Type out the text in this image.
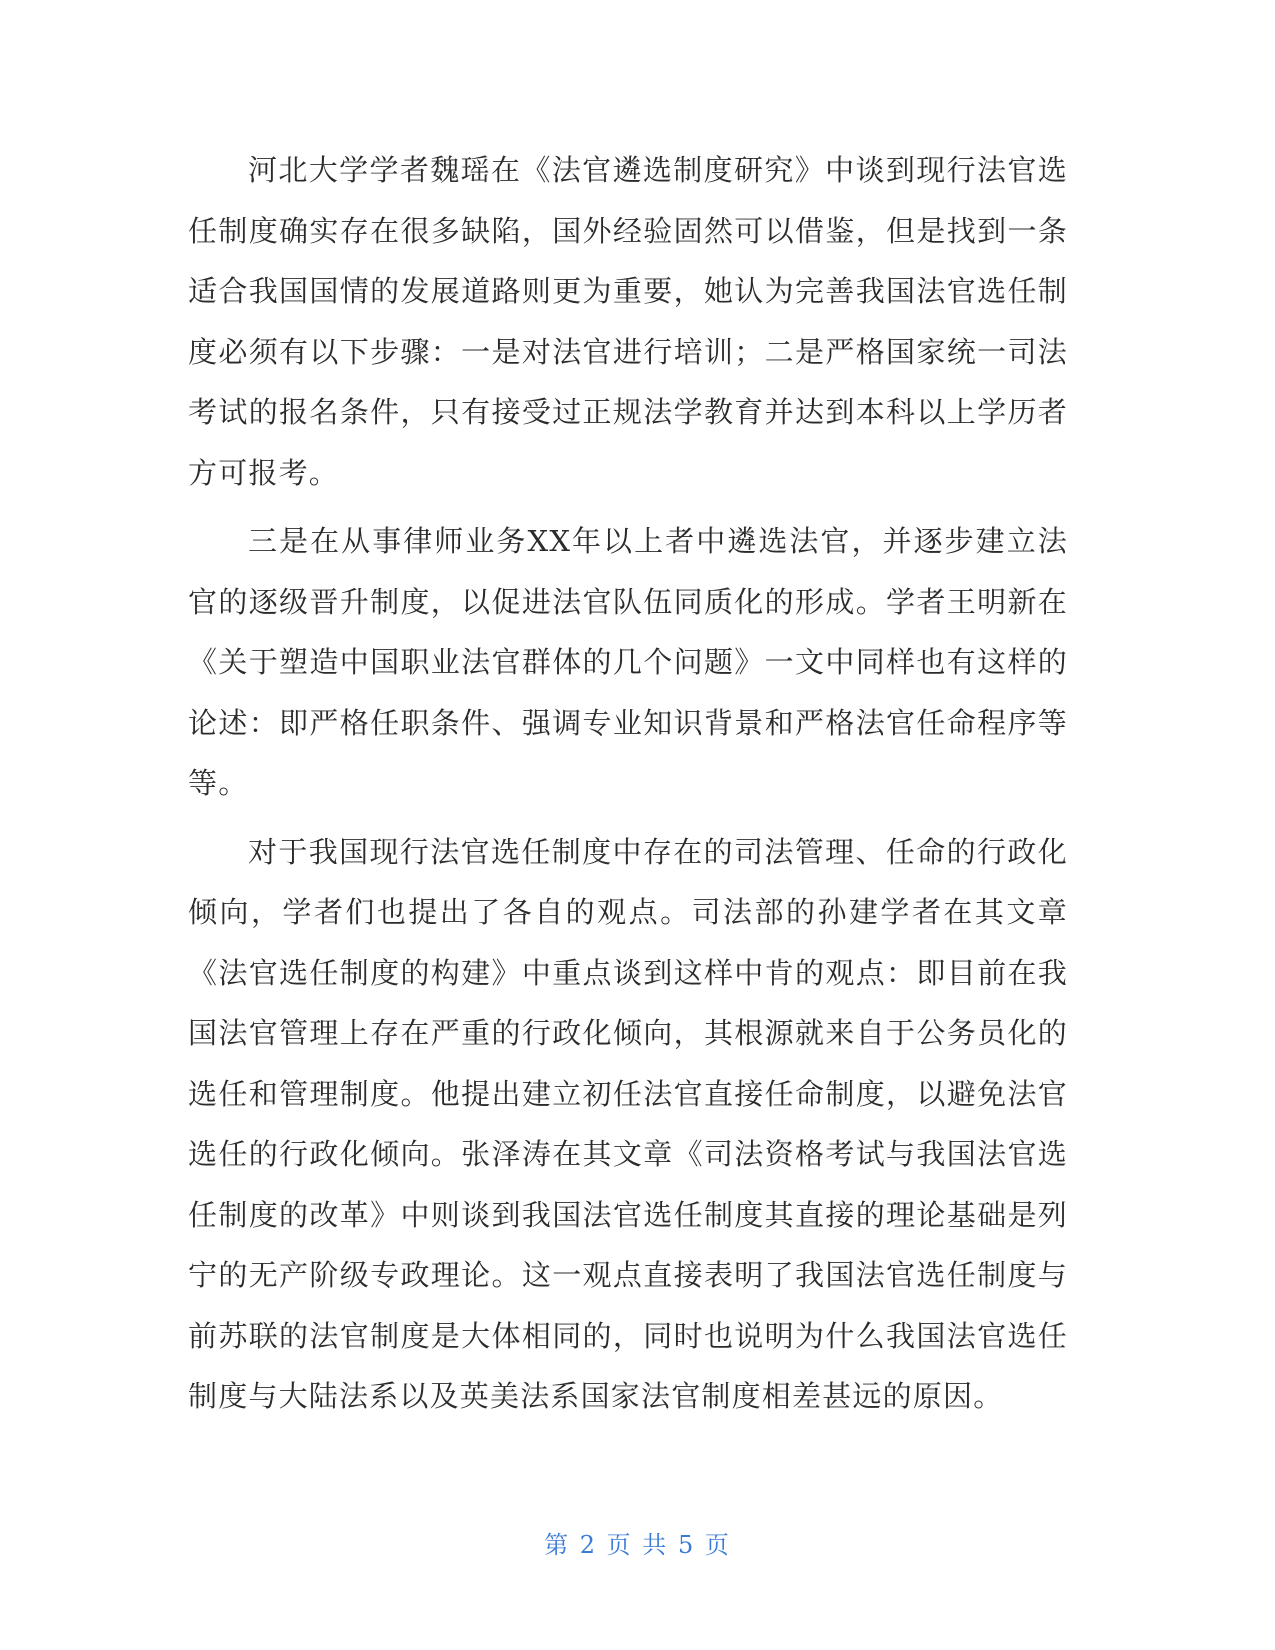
河北大学学者魏瑶在《法官遴选制度研究》中谈到现行法官选任制度确实存在很多缺陷，国外经验固然可以借鉴，但是找到一条适合我国国情的发展道路则更为重要，她认为完善我国法官选任制度必须有以下步骤：一是对法官进行培训；二是严格国家统一司法考试的报名条件，只有接受过正规法学教育并达到本科以上学历者方可报考。

三是在从事律师业务XX年以上者中遴选法官，并逐步建立法官的逐级晋升制度，以促进法官队伍同质化的形成。学者王明新在《关于塑造中国职业法官群体的几个问题》一文中同样也有这样的论述：即严格任职条件、强调专业知识背景和严格法官任命程序等等。

对于我国现行法官选任制度中存在的司法管理、任命的行政化倾向，学者们也提出了各自的观点。司法部的孙建学者在其文章《法官选任制度的构建》中重点谈到这样中肯的观点：即目前在我国法官管理上存在严重的行政化倾向，其根源就来自于公务员化的选任和管理制度。他提出建立初任法官直接任命制度，以避免法官选任的行政化倾向。张泽涛在其文章《司法资格考试与我国法官选任制度的改革》中则谈到我国法官选任制度其直接的理论基础是列宁的无产阶级专政理论。这一观点直接表明了我国法官选任制度与前苏联的法官制度是大体相同的，同时也说明为什么我国法官选任制度与大陆法系以及英美法系国家法官制度相差甚远的原因。

第 2 页 共 5 页
